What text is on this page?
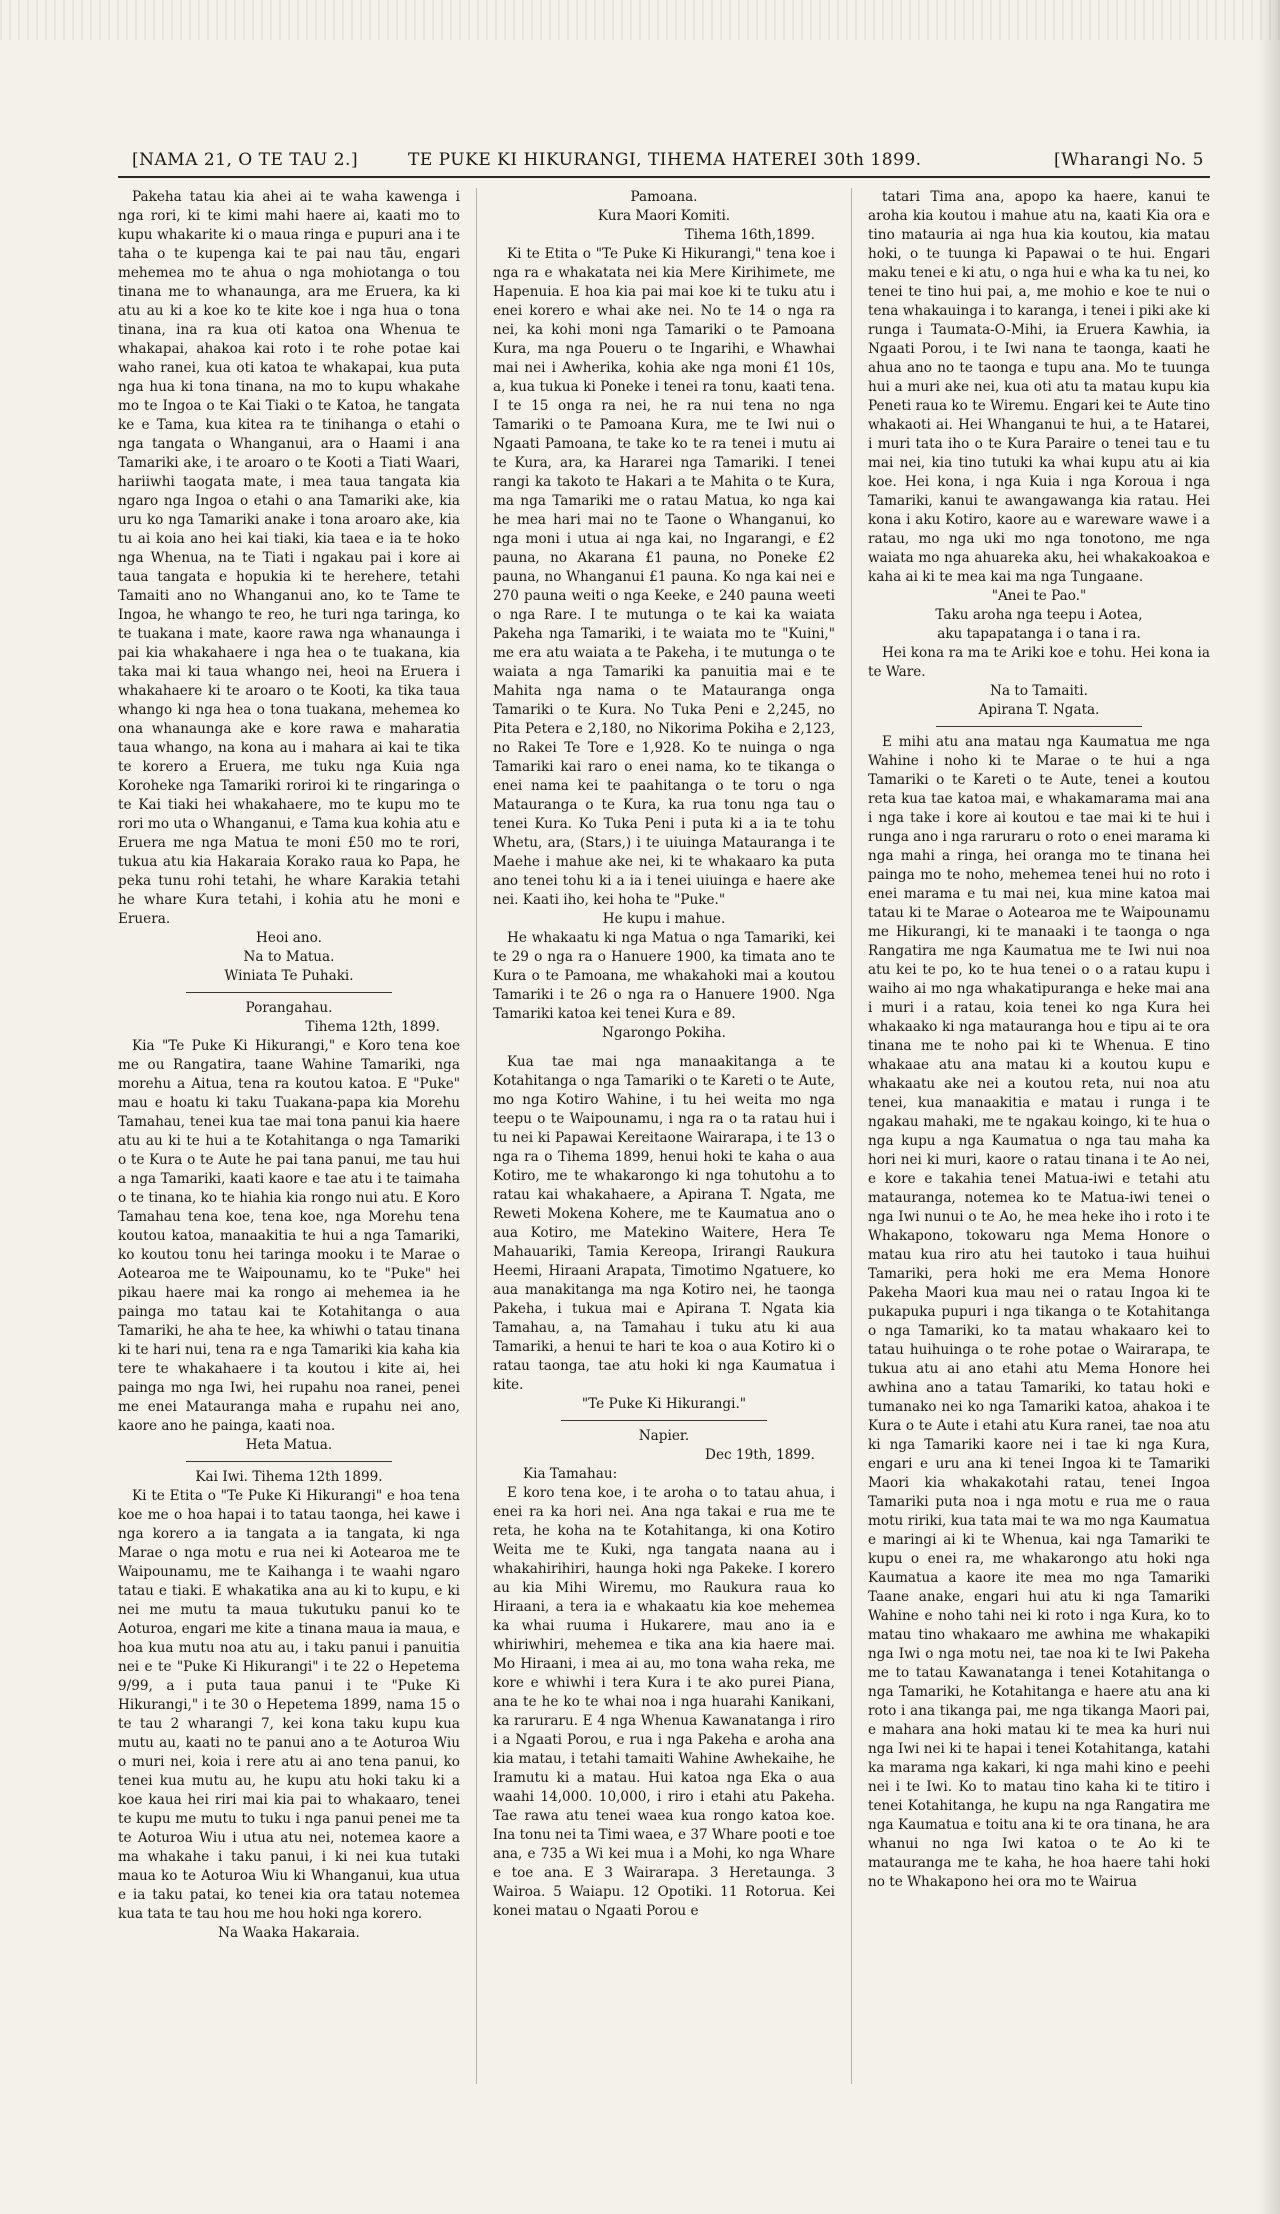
[NAMA 21, O TE TAU 2.]	TE PUKE KI HIKURANGI, TIHEMA HATEREI 30th 1899.	[Wharangi No. 5

Pakeha tatau kia ahei ai te waha kawenga i nga rori, ki te kimi mahi haere ai, kaati mo to kupu whakarite ki o maua ringa e pupuri ana i te taha o te kupenga kai te pai nau tāu, engari mehemea mo te ahua o nga mohiotanga o tou tinana me to whanaunga, ara me Eruera, ka ki atu au ki a koe ko te kite koe i nga hua o tona tinana, ina ra kua oti katoa ona Whenua te whakapai, ahakoa kai roto i te rohe potae kai waho ranei, kua oti katoa te whakapai, kua puta nga hua ki tona tinana, na mo to kupu whakahe mo te Ingoa o te Kai Tiaki o te Katoa, he tangata ke e Tama, kua kitea ra te tinihanga o etahi o nga tangata o Whanganui, ara o Haami i ana Tamariki ake, i te aroaro o te Kooti a Tiati Waari, hariiwhi taogata mate, i mea taua tangata kia ngaro nga Ingoa o etahi o ana Tamariki ake, kia uru ko nga Tamariki anake i tona aroaro ake, kia tu ai koia ano hei kai tiaki, kia taea e ia te hoko nga Whenua, na te Tiati i ngakau pai i kore ai taua tangata e hopukia ki te herehere, tetahi Tamaiti ano no Whanganui ano, ko te Tame te Ingoa, he whango te reo, he turi nga taringa, ko te tuakana i mate, kaore rawa nga whanaunga i pai kia whakahaere i nga hea o te tuakana, kia taka mai ki taua whango nei, heoi na Eruera i whakahaere ki te aroaro o te Kooti, ka tika taua whango ki nga hea o tona tuakana, mehemea ko ona whanaunga ake e kore rawa e maharatia taua whango, na kona au i mahara ai kai te tika te korero a Eruera, me tuku nga Kuia nga Koroheke nga Tamariki roriroi ki te ringaringa o te Kai tiaki hei whakahaere, mo te kupu mo te rori mo uta o Whanganui, e Tama kua kohia atu e Eruera me nga Matua te moni £50 mo te rori, tukua atu kia Hakaraia Korako raua ko Papa, he peka tunu rohi tetahi, he whare Karakia tetahi he whare Kura tetahi, i kohia atu he moni e Eruera.

Heoi ano.

Na to Matua.

Winiata Te Puhaki.

Porangahau.

Tihema 12th, 1899.

Kia "Te Puke Ki Hikurangi," e Koro tena koe me ou Rangatira, taane Wahine Tamariki, nga morehu a Aitua, tena ra koutou katoa. E "Puke" mau e hoatu ki taku Tuakana-papa kia Morehu Tamahau, tenei kua tae mai tona panui kia haere atu au ki te hui a te Kotahitanga o nga Tamariki o te Kura o te Aute he pai tana panui, me tau hui a nga Tamariki, kaati kaore e tae atu i te taimaha o te tinana, ko te hiahia kia rongo nui atu. E Koro Tamahau tena koe, tena koe, nga Morehu tena koutou katoa, manaakitia te hui a nga Tamariki, ko koutou tonu hei taringa mooku i te Marae o Aotearoa me te Waipounamu, ko te "Puke" hei pikau haere mai ka rongo ai mehemea ia he painga mo tatau kai te Kotahitanga o aua Tamariki, he aha te hee, ka whiwhi o tatau tinana ki te hari nui, tena ra e nga Tamariki kia kaha kia tere te whakahaere i ta koutou i kite ai, hei painga mo nga Iwi, hei rupahu noa ranei, penei me enei Matauranga maha e rupahu nei ano, kaore ano he painga, kaati noa.

Heta Matua.

Kai Iwi. Tihema 12th 1899.

Ki te Etita o "Te Puke Ki Hikurangi" e hoa tena koe me o hoa hapai i to tatau taonga, hei kawe i nga korero a ia tangata a ia tangata, ki nga Marae o nga motu e rua nei ki Aotearoa me te Waipounamu, me te Kaihanga i te waahi ngaro tatau e tiaki. E whakatika ana au ki to kupu, e ki nei me mutu ta maua tukutuku panui ko te Aoturoa, engari me kite a tinana maua ia maua, e hoa kua mutu noa atu au, i taku panui i panuitia nei e te "Puke Ki Hikurangi" i te 22 o Hepetema 9/99, a i puta taua panui i te "Puke Ki Hikurangi," i te 30 o Hepetema 1899, nama 15 o te tau 2 wharangi 7, kei kona taku kupu kua mutu au, kaati no te panui ano a te Aoturoa Wiu o muri nei, koia i rere atu ai ano tena panui, ko tenei kua mutu au, he kupu atu hoki taku ki a koe kaua hei riri mai kia pai to whakaaro, tenei te kupu me mutu to tuku i nga panui penei me ta te Aoturoa Wiu i utua atu nei, notemea kaore a ma whakahe i taku panui, i ki nei kua tutaki maua ko te Aoturoa Wiu ki Whanganui, kua utua e ia taku patai, ko tenei kia ora tatau notemea kua tata te tau hou me hou hoki nga korero.

Na Waaka Hakaraia.

Pamoana.

Kura Maori Komiti.

Tihema 16th,1899.

Ki te Etita o "Te Puke Ki Hikurangi," tena koe i nga ra e whakatata nei kia Mere Kirihimete, me Hapenuia. E hoa kia pai mai koe ki te tuku atu i enei korero e whai ake nei. No te 14 o nga ra nei, ka kohi moni nga Tamariki o te Pamoana Kura, ma nga Poueru o te Ingarihi, e Whawhai mai nei i Awherika, kohia ake nga moni £1 10s, a, kua tukua ki Poneke i tenei ra tonu, kaati tena. I te 15 onga ra nei, he ra nui tena no nga Tamariki o te Pamoana Kura, me te Iwi nui o Ngaati Pamoana, te take ko te ra tenei i mutu ai te Kura, ara, ka Hararei nga Tamariki. I tenei rangi ka takoto te Hakari a te Mahita o te Kura, ma nga Tamariki me o ratau Matua, ko nga kai he mea hari mai no te Taone o Whanganui, ko nga moni i utua ai nga kai, no Ingarangi, e £2 pauna, no Akarana £1 pauna, no Poneke £2 pauna, no Whanganui £1 pauna. Ko nga kai nei e 270 pauna weiti o nga Keeke, e 240 pauna weeti o nga Rare. I te mutunga o te kai ka waiata Pakeha nga Tamariki, i te waiata mo te "Kuini," me era atu waiata a te Pakeha, i te mutunga o te waiata a nga Tamariki ka panuitia mai e te Mahita nga nama o te Matauranga onga Tamariki o te Kura. No Tuka Peni e 2,245, no Pita Petera e 2,180, no Nikorima Pokiha e 2,123, no Rakei Te Tore e 1,928. Ko te nuinga o nga Tamariki kai raro o enei nama, ko te tikanga o enei nama kei te paahitanga o te toru o nga Matauranga o te Kura, ka rua tonu nga tau o tenei Kura. Ko Tuka Peni i puta ki a ia te tohu Whetu, ara, (Stars,) i te uiuinga Matauranga i te Maehe i mahue ake nei, ki te whakaaro ka puta ano tenei tohu ki a ia i tenei uiuinga e haere ake nei. Kaati iho, kei hoha te "Puke."

He kupu i mahue.

He whakaatu ki nga Matua o nga Tamariki, kei te 29 o nga ra o Hanuere 1900, ka timata ano te Kura o te Pamoana, me whakahoki mai a koutou Tamariki i te 26 o nga ra o Hanuere 1900. Nga Tamariki katoa kei tenei Kura e 89.

Ngarongo Pokiha.

Kua tae mai nga manaakitanga a te Kotahitanga o nga Tamariki o te Kareti o te Aute, mo nga Kotiro Wahine, i tu hei weita mo nga teepu o te Waipounamu, i nga ra o ta ratau hui i tu nei ki Papawai Kereitaone Wairarapa, i te 13 o nga ra o Tihema 1899, henui hoki te kaha o aua Kotiro, me te whakarongo ki nga tohutohu a to ratau kai whakahaere, a Apirana T. Ngata, me Reweti Mokena Kohere, me te Kaumatua ano o aua Kotiro, me Matekino Waitere, Hera Te Mahauariki, Tamia Kereopa, Irirangi Raukura Heemi, Hiraani Arapata, Timotimo Ngatuere, ko aua manakitanga ma nga Kotiro nei, he taonga Pakeha, i tukua mai e Apirana T. Ngata kia Tamahau, a, na Tamahau i tuku atu ki aua Tamariki, a henui te hari te koa o aua Kotiro ki o ratau taonga, tae atu hoki ki nga Kaumatua i kite.

"Te Puke Ki Hikurangi."

Napier.

Dec 19th, 1899.

Kia Tamahau:

E koro tena koe, i te aroha o to tatau ahua, i enei ra ka hori nei. Ana nga takai e rua me te reta, he koha na te Kotahitanga, ki ona Kotiro Weita me te Kuki, nga tangata naana au i whakahirihiri, haunga hoki nga Pakeke. I korero au kia Mihi Wiremu, mo Raukura raua ko Hiraani, a tera ia e whakaatu kia koe mehemea ka whai ruuma i Hukarere, mau ano ia e whiriwhiri, mehemea e tika ana kia haere mai. Mo Hiraani, i mea ai au, mo tona waha reka, me kore e whiwhi i tera Kura i te ako purei Piana, ana te he ko te whai noa i nga huarahi Kanikani, ka raruraru. E 4 nga Whenua Kawanatanga i riro i a Ngaati Porou, e rua i nga Pakeha e aroha ana kia matau, i tetahi tamaiti Wahine Awhekaihe, he Iramutu ki a matau. Hui katoa nga Eka o aua waahi 14,000. 10,000, i riro i etahi atu Pakeha. Tae rawa atu tenei waea kua rongo katoa koe. Ina tonu nei ta Timi waea, e 37 Whare pooti e toe ana, e 735 a Wi kei mua i a Mohi, ko nga Whare e toe ana. E 3 Wairarapa. 3 Heretaunga. 3 Wairoa. 5 Waiapu. 12 Opotiki. 11 Rotorua. Kei konei matau o Ngaati Porou e

tatari Tima ana, apopo ka haere, kanui te aroha kia koutou i mahue atu na, kaati Kia ora e tino matauria ai nga hua kia koutou, kia matau hoki, o te tuunga ki Papawai o te hui. Engari maku tenei e ki atu, o nga hui e wha ka tu nei, ko tenei te tino hui pai, a, me mohio e koe te nui o tena whakauinga i to karanga, i tenei i piki ake ki runga i Taumata-O-Mihi, ia Eruera Kawhia, ia Ngaati Porou, i te Iwi nana te taonga, kaati he ahua ano no te taonga e tupu ana. Mo te tuunga hui a muri ake nei, kua oti atu ta matau kupu kia Peneti raua ko te Wiremu. Engari kei te Aute tino whakaoti ai. Hei Whanganui te hui, a te Hatarei, i muri tata iho o te Kura Paraire o tenei tau e tu mai nei, kia tino tutuki ka whai kupu atu ai kia koe. Hei kona, i nga Kuia i nga Koroua i nga Tamariki, kanui te awangawanga kia ratau. Hei kona i aku Kotiro, kaore au e wareware wawe i a ratau, mo nga uki mo nga tonotono, me nga waiata mo nga ahuareka aku, hei whakakoakoa e kaha ai ki te mea kai ma nga Tungaane.

"Anei te Pao."

Taku aroha nga teepu i Aotea,

aku tapapatanga i o tana i ra.

Hei kona ra ma te Ariki koe e tohu. Hei kona ia te Ware.

Na to Tamaiti.

Apirana T. Ngata.

E mihi atu ana matau nga Kaumatua me nga Wahine i noho ki te Marae o te hui a nga Tamariki o te Kareti o te Aute, tenei a koutou reta kua tae katoa mai, e whakamarama mai ana i nga take i kore ai koutou e tae mai ki te hui i runga ano i nga raruraru o roto o enei marama ki nga mahi a ringa, hei oranga mo te tinana hei painga mo te noho, mehemea tenei hui no roto i enei marama e tu mai nei, kua mine katoa mai tatau ki te Marae o Aotearoa me te Waipounamu me Hikurangi, ki te manaaki i te taonga o nga Rangatira me nga Kaumatua me te Iwi nui noa atu kei te po, ko te hua tenei o o a ratau kupu i waiho ai mo nga whakatipuranga e heke mai ana i muri i a ratau, koia tenei ko nga Kura hei whakaako ki nga matauranga hou e tipu ai te ora tinana me te noho pai ki te Whenua. E tino whakaae atu ana matau ki a koutou kupu e whakaatu ake nei a koutou reta, nui noa atu tenei, kua manaakitia e matau i runga i te ngakau mahaki, me te ngakau koingo, ki te hua o nga kupu a nga Kaumatua o nga tau maha ka hori nei ki muri, kaore o ratau tinana i te Ao nei, e kore e takahia tenei Matua-iwi e tetahi atu matauranga, notemea ko te Matua-iwi tenei o nga Iwi nunui o te Ao, he mea heke iho i roto i te Whakapono, tokowaru nga Mema Honore o matau kua riro atu hei tautoko i taua huihui Tamariki, pera hoki me era Mema Honore Pakeha Maori kua mau nei o ratau Ingoa ki te pukapuka pupuri i nga tikanga o te Kotahitanga o nga Tamariki, ko ta matau whakaaro kei to tatau huihuinga o te rohe potae o Wairarapa, te tukua atu ai ano etahi atu Mema Honore hei awhina ano a tatau Tamariki, ko tatau hoki e tumanako nei ko nga Tamariki katoa, ahakoa i te Kura o te Aute i etahi atu Kura ranei, tae noa atu ki nga Tamariki kaore nei i tae ki nga Kura, engari e uru ana ki tenei Ingoa ki te Tamariki Maori kia whakakotahi ratau, tenei Ingoa Tamariki puta noa i nga motu e rua me o raua motu ririki, kua tata mai te wa mo nga Kaumatua e maringi ai ki te Whenua, kai nga Tamariki te kupu o enei ra, me whakarongo atu hoki nga Kaumatua a kaore ite mea mo nga Tamariki Taane anake, engari hui atu ki nga Tamariki Wahine e noho tahi nei ki roto i nga Kura, ko to matau tino whakaaro me awhina me whakapiki nga Iwi o nga motu nei, tae noa ki te Iwi Pakeha me to tatau Kawanatanga i tenei Kotahitanga o nga Tamariki, he Kotahitanga e haere atu ana ki roto i ana tikanga pai, me nga tikanga Maori pai, e mahara ana hoki matau ki te mea ka huri nui nga Iwi nei ki te hapai i tenei Kotahitanga, katahi ka marama nga kakari, ki nga mahi kino e peehi nei i te Iwi. Ko to matau tino kaha ki te titiro i tenei Kotahitanga, he kupu na nga Rangatira me nga Kaumatua e toitu ana ki te ora tinana, he ara whanui no nga Iwi katoa o te Ao ki te matauranga me te kaha, he hoa haere tahi hoki no te Whakapono hei ora mo te Wairua
